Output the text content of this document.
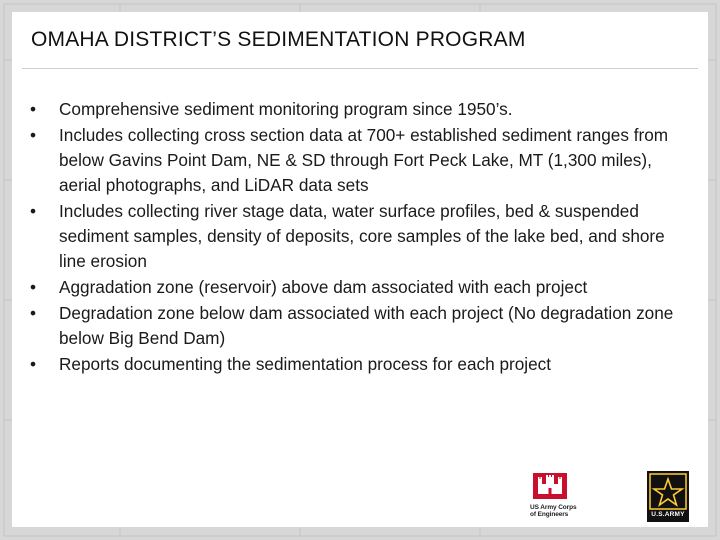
OMAHA DISTRICT’S SEDIMENTATION PROGRAM
•	Comprehensive sediment monitoring program since 1950’s.
•	Includes collecting cross section data at 700+ established sediment ranges from below Gavins Point Dam, NE & SD through Fort Peck Lake, MT (1,300 miles), aerial photographs, and LiDAR data sets
•	Includes collecting river stage data, water surface profiles, bed & suspended sediment samples, density of deposits, core samples of the lake bed, and shore line erosion
•	Aggradation zone (reservoir) above dam associated with each project
•	Degradation zone below dam associated with each project (No degradation zone below Big Bend Dam)
•	Reports documenting the sedimentation process for each project
US Army Corps
of Engineers	U.S.ARMY
